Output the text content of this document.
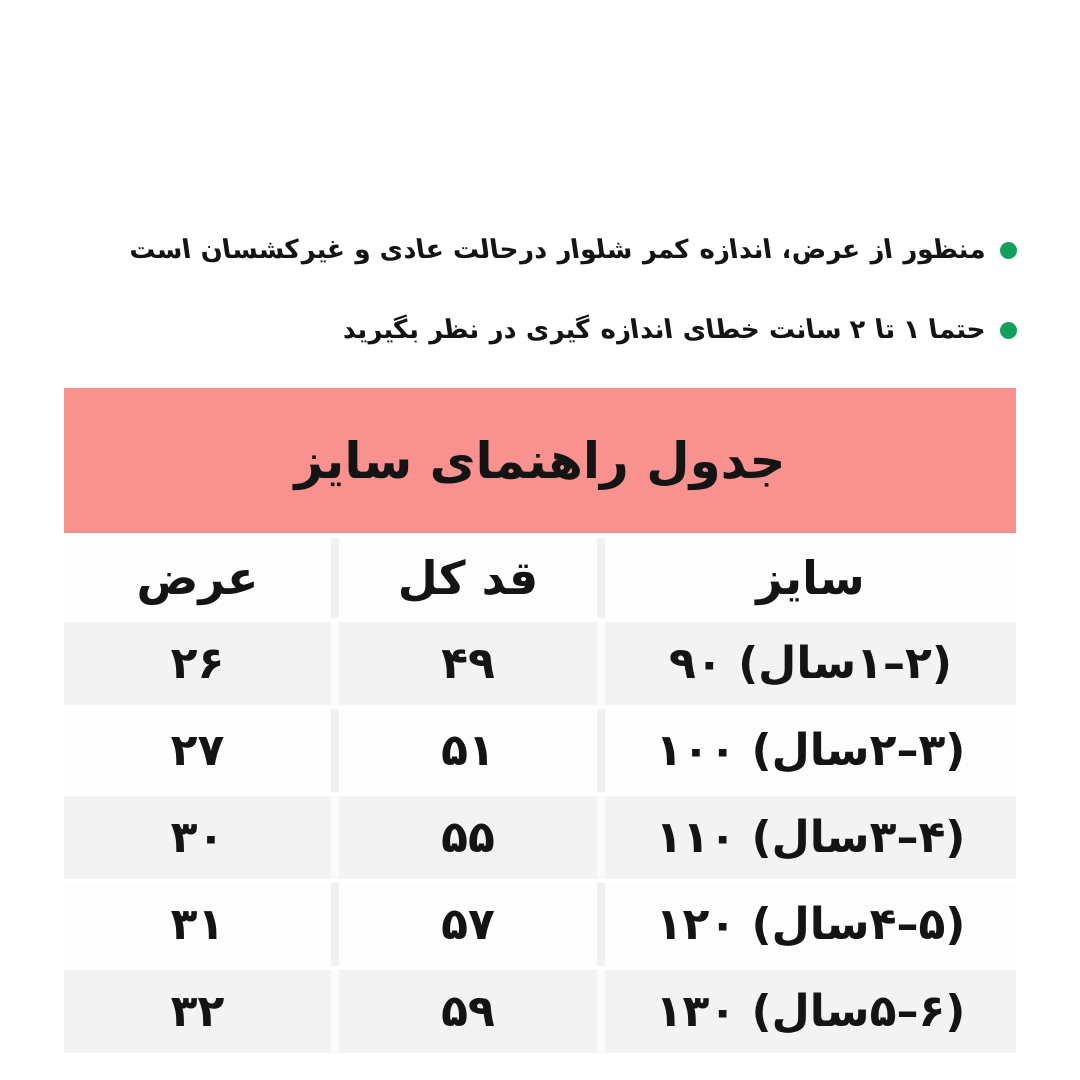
منظور از عرض، اندازه کمر شلوار درحالت عادی و غیرکشسان است
حتما ۱ تا ۲ سانت خطای اندازه گیری در نظر بگیرید
جدول راهنمای سایز
سایز
قد کل
عرض
(۲–۱سال) ۹۰
۴۹
۲۶
(۳–۲سال) ۱۰۰
۵۱
۲۷
(۴–۳سال) ۱۱۰
۵۵
۳۰
(۵–۴سال) ۱۲۰
۵۷
۳۱
(۶–۵سال) ۱۳۰
۵۹
۳۲
